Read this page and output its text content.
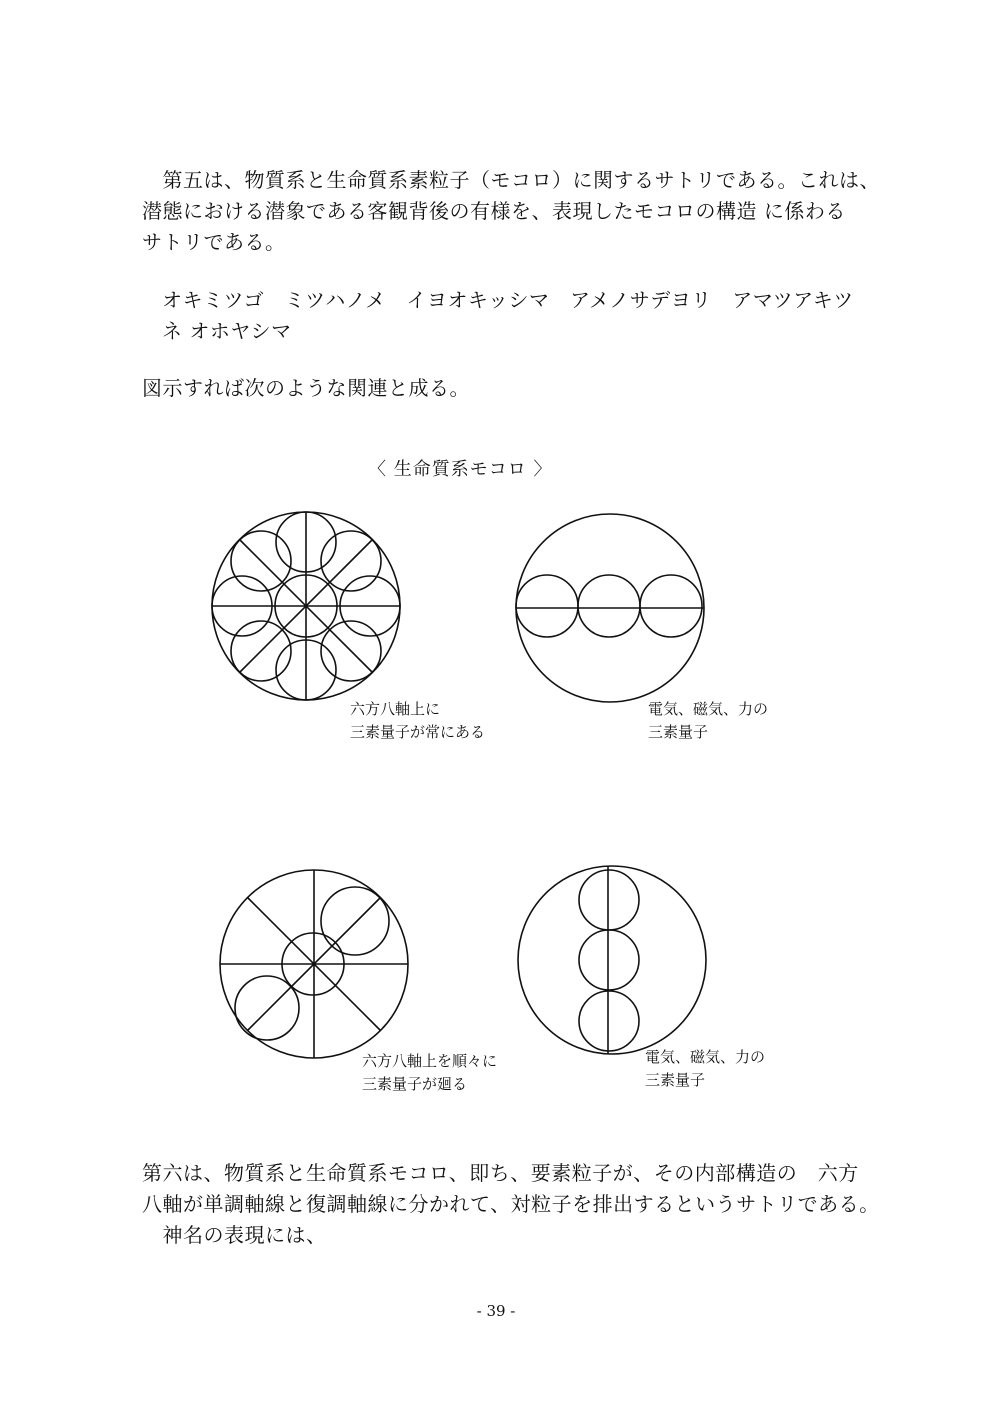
　第五は、物質系と生命質系素粒子（モコロ）に関するサトリである。これは、
潜態における潜象である客観背後の有様を、表現したモコロの構造 に係わる
サトリである。

オキミツゴ　ミツハノメ　イヨオキッシマ　アメノサデヨリ　アマツアキツ
ネ オホヤシマ

図示すれば次のような関連と成る。

〈 生命質系モコロ 〉
六方八軸上に
三素量子が常にある
電気、磁気、力の
三素量子
六方八軸上を順々に
三素量子が廻る
電気、磁気、力の
三素量子

第六は、物質系と生命質系モコロ、即ち、要素粒子が、その内部構造の　六方
八軸が単調軸線と復調軸線に分かれて、対粒子を排出するというサトリである。
　神名の表現には、

- 39 -
